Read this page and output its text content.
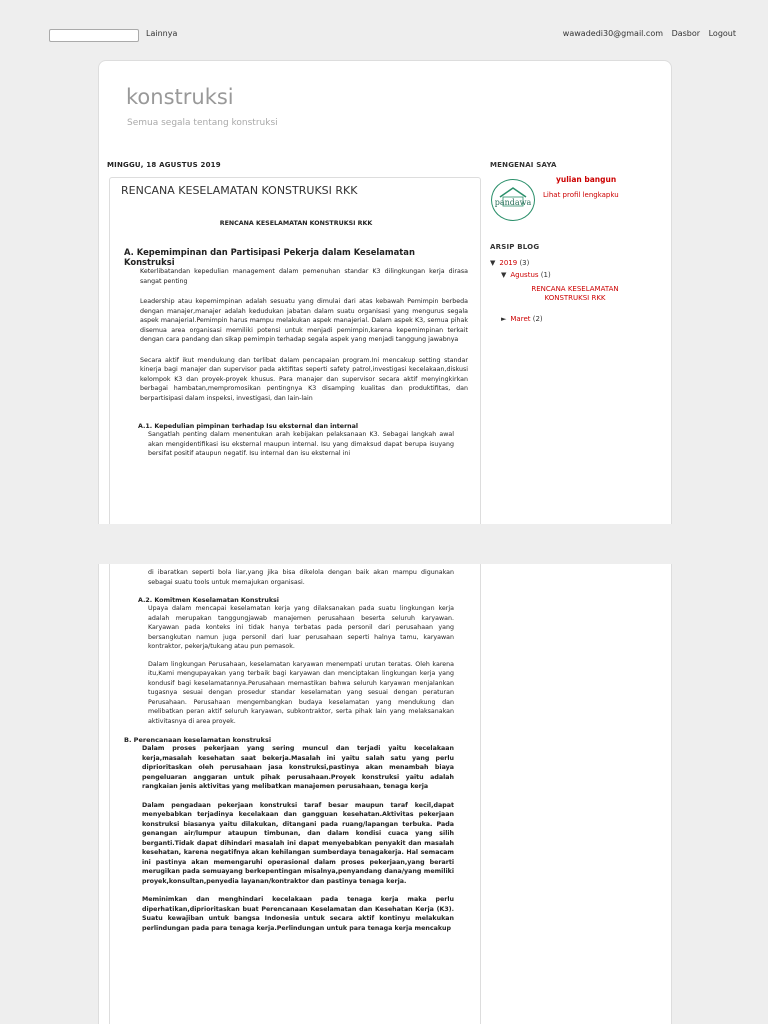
Lainnya	wawadedi30@gmail.com Dasbor Logout
konstruksi
Semua segala tentang konstruksi
MINGGU, 18 AGUSTUS 2019
RENCANA KESELAMATAN KONSTRUKSI RKK
RENCANA KESELAMATAN KONSTRUKSI RKK
A. Kepemimpinan dan Partisipasi Pekerja dalam Keselamatan Konstruksi
Keterlibatandan kepedulian management dalam pemenuhan standar K3 dilingkungan kerja dirasa sangat penting
Leadership atau kepemimpinan adalah sesuatu yang dimulai dari atas kebawah Pemimpin berbeda dengan manajer,manajer adalah kedudukan jabatan dalam suatu organisasi yang mengurus segala aspek manajerial.Pemimpin harus mampu melakukan aspek manajerial. Dalam aspek K3, semua pihak disemua area organisasi memiliki potensi untuk menjadi pemimpin,karena kepemimpinan terkait dengan cara pandang dan sikap pemimpin terhadap segala aspek yang menjadi tanggung jawabnya
Secara aktif ikut mendukung dan terlibat dalam pencapaian program.Ini mencakup setting standar kinerja bagi manajer dan supervisor pada aktifitas seperti safety patrol,investigasi kecelakaan,diskusi kelompok K3 dan proyek-proyek khusus. Para manajer dan supervisor secara aktif menyingkirkan berbagai hambatan,mempromosikan pentingnya K3 disamping kualitas dan produktifitas, dan berpartisipasi dalam inspeksi, investigasi, dan lain-lain
A.1. Kepedulian pimpinan terhadap Isu eksternal dan internal
Sangatlah penting dalam menentukan arah kebijakan pelaksanaan K3. Sebagai langkah awal akan mengidentifikasi isu eksternal maupun internal. Isu yang dimaksud dapat berupa isuyang bersifat positif ataupun negatif. Isu internal dan isu eksternal ini
MENGENAI SAYA
pandawa
yulian bangun
Lihat profil lengkapku
ARSIP BLOG
▼ 2019 (3)
▼ Agustus (1)
RENCANA KESELAMATAN KONSTRUKSI RKK
► Maret (2)
di ibaratkan seperti bola liar,yang jika bisa dikelola dengan baik akan mampu digunakan sebagai suatu tools untuk memajukan organisasi.
A.2. Komitmen Keselamatan Konstruksi
Upaya dalam mencapai keselamatan kerja yang dilaksanakan pada suatu lingkungan kerja adalah merupakan tanggungjawab manajemen perusahaan beserta seluruh karyawan. Karyawan pada konteks ini tidak hanya terbatas pada personil dari perusahaan yang bersangkutan namun juga personil dari luar perusahaan seperti halnya tamu, karyawan kontraktor, pekerja/tukang atau pun pemasok.
Dalam lingkungan Perusahaan, keselamatan karyawan menempati urutan teratas. Oleh karena itu,Kami mengupayakan yang terbaik bagi karyawan dan menciptakan lingkungan kerja yang kondusif bagi keselamatannya.Perusahaan memastikan bahwa seluruh karyawan menjalankan tugasnya sesuai dengan prosedur standar keselamatan yang sesuai dengan peraturan Perusahaan. Perusahaan mengembangkan budaya keselamatan yang mendukung dan melibatkan peran aktif seluruh karyawan, subkontraktor, serta pihak lain yang melaksanakan aktivitasnya di area proyek.
B. Perencanaan keselamatan konstruksi
Dalam proses pekerjaan yang sering muncul dan terjadi yaitu kecelakaan kerja,masalah kesehatan saat bekerja.Masalah ini yaitu salah satu yang perlu diprioritaskan oleh perusahaan jasa konstruksi,pastinya akan menambah biaya pengeluaran anggaran untuk pihak perusahaan.Proyek konstruksi yaitu adalah rangkaian jenis aktivitas yang melibatkan manajemen perusahaan, tenaga kerja
Dalam pengadaan pekerjaan konstruksi taraf besar maupun taraf kecil,dapat menyebabkan terjadinya kecelakaan dan gangguan kesehatan.Aktivitas pekerjaan konstruksi biasanya yaitu dilakukan, ditangani pada ruang/lapangan terbuka. Pada genangan air/lumpur ataupun timbunan, dan dalam kondisi cuaca yang silih berganti.Tidak dapat dihindari masalah ini dapat menyebabkan penyakit dan masalah kesehatan, karena negatifnya akan kehilangan sumberdaya tenagakerja. Hal semacam ini pastinya akan memengaruhi operasional dalam proses pekerjaan,yang berarti merugikan pada semuayang berkepentingan misalnya,penyandang dana/yang memiliki proyek,konsultan,penyedia layanan/kontraktor dan pastinya tenaga kerja.
Meminimkan dan menghindari kecelakaan pada tenaga kerja maka perlu diperhatikan,diprioritaskan buat Perencanaan Keselamatan dan Kesehatan Kerja (K3). Suatu kewajiban untuk bangsa Indonesia untuk secara aktif kontinyu melakukan perlindungan pada para tenaga kerja.Perlindungan untuk para tenaga kerja mencakup
